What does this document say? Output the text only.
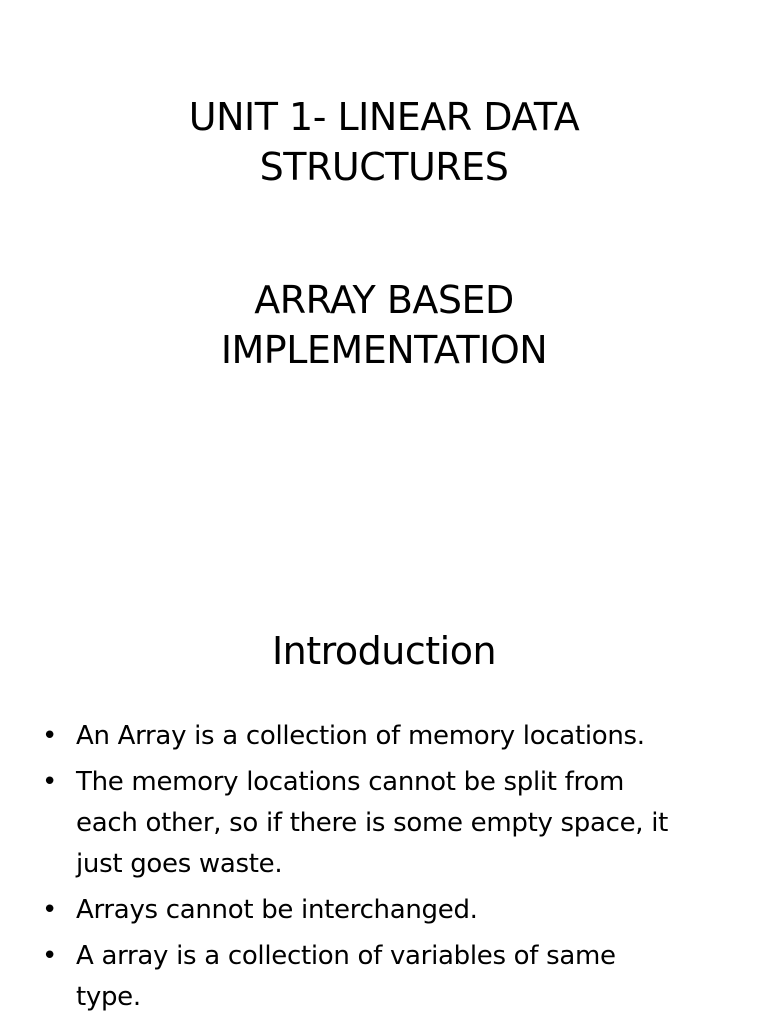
UNIT 1- LINEAR DATA
STRUCTURES
ARRAY BASED
IMPLEMENTATION
Introduction
• An Array is a collection of memory locations.
• The memory locations cannot be split from
each other, so if there is some empty space, it
just goes waste.
• Arrays cannot be interchanged.
• A array is a collection of variables of same
type.
